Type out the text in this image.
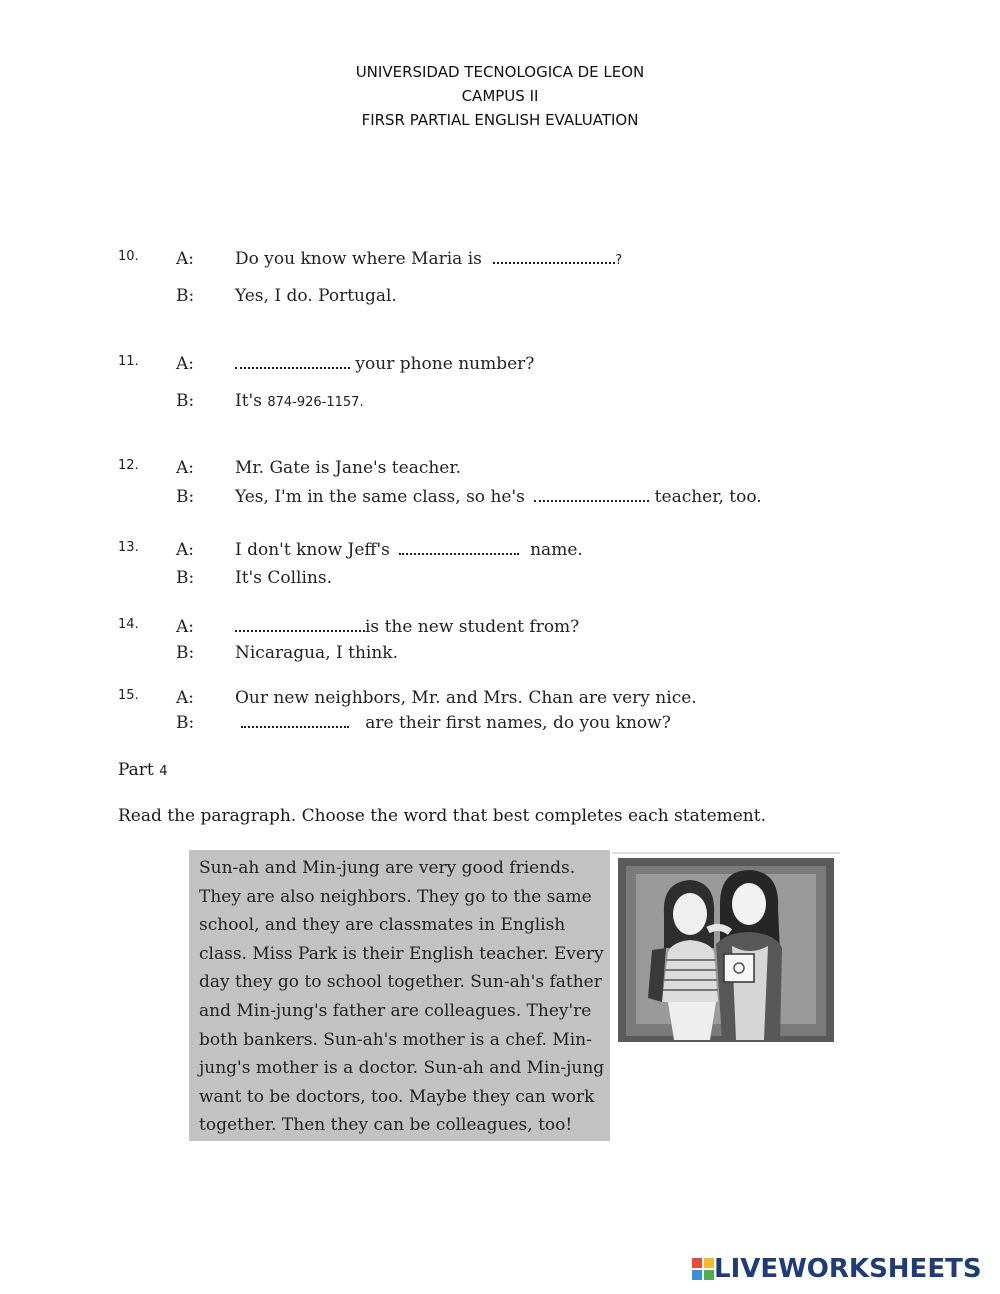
UNIVERSIDAD TECNOLOGICA DE LEON
CAMPUS II
FIRSR PARTIAL ENGLISH EVALUATION
10. A: Do you know where Maria is	?
B: Yes, I do. Portugal.
11. A:	your phone number?
B: It's 874-926-1157.
12. A: Mr. Gate is Jane's teacher.
B: Yes, I'm in the same class, so he's	teacher, too.
13. A: I don't know Jeff's	name.
B: It's Collins.
14. A:	is the new student from?
B: Nicaragua, I think.
15. A: Our new neighbors, Mr. and Mrs. Chan are very nice.
B:	are their first names, do you know?
Part 4
Read the paragraph. Choose the word that best completes each statement.
Sun-ah and Min-jung are very good friends.
They are also neighbors. They go to the same
school, and they are classmates in English
class. Miss Park is their English teacher. Every
day they go to school together. Sun-ah's father
and Min-jung's father are colleagues. They're
both bankers. Sun-ah's mother is a chef. Min-
jung's mother is a doctor. Sun-ah and Min-jung
want to be doctors, too. Maybe they can work
together. Then they can be colleagues, too!
LIVEWORKSHEETS
